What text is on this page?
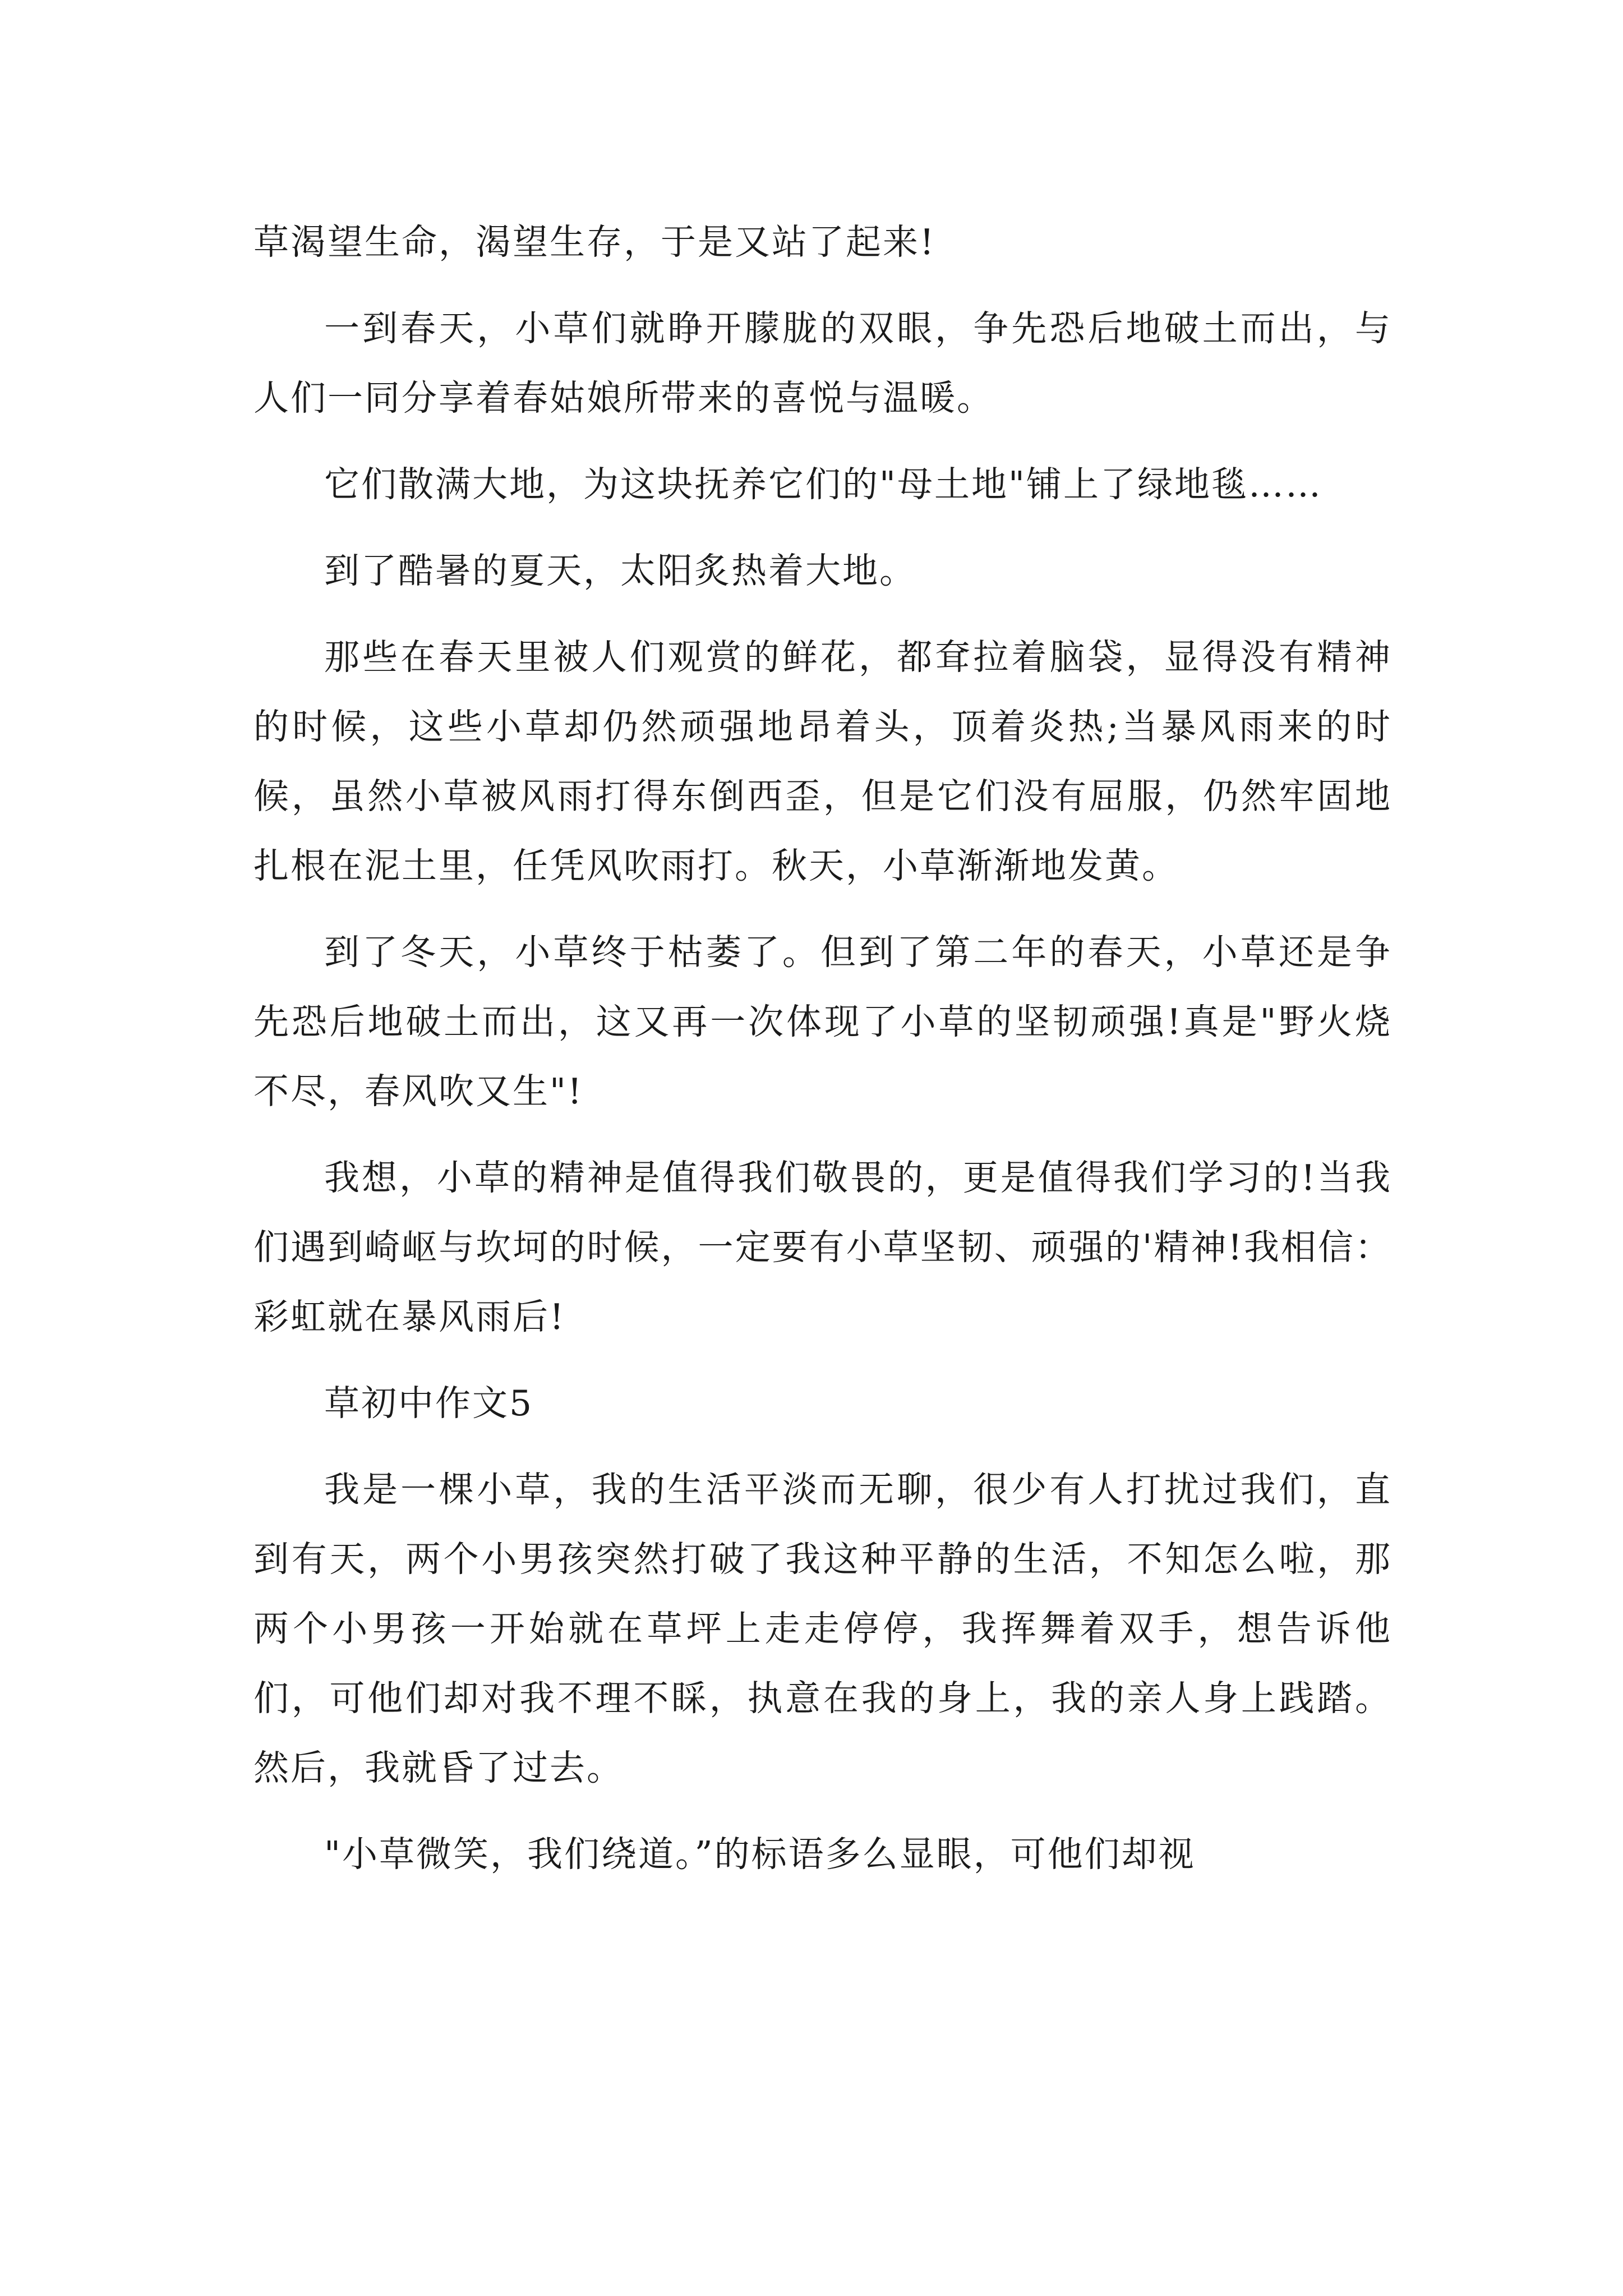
草渴望生命，渴望生存，于是又站了起来!

一到春天，小草们就睁开朦胧的双眼，争先恐后地破土而出，与人们一同分享着春姑娘所带来的喜悦与温暖。

它们散满大地，为这块抚养它们的"母土地"铺上了绿地毯……

到了酷暑的夏天，太阳炙热着大地。

那些在春天里被人们观赏的鲜花，都耷拉着脑袋，显得没有精神的时候，这些小草却仍然顽强地昂着头，顶着炎热;当暴风雨来的时候，虽然小草被风雨打得东倒西歪，但是它们没有屈服，仍然牢固地扎根在泥土里，任凭风吹雨打。秋天，小草渐渐地发黄。

到了冬天，小草终于枯萎了。但到了第二年的春天，小草还是争先恐后地破土而出，这又再一次体现了小草的坚韧顽强!真是"野火烧不尽，春风吹又生"!

我想，小草的精神是值得我们敬畏的，更是值得我们学习的!当我们遇到崎岖与坎坷的时候，一定要有小草坚韧、顽强的'精神!我相信：彩虹就在暴风雨后!

草初中作文5

我是一棵小草，我的生活平淡而无聊，很少有人打扰过我们，直到有天，两个小男孩突然打破了我这种平静的生活，不知怎么啦，那两个小男孩一开始就在草坪上走走停停，我挥舞着双手，想告诉他们，可他们却对我不理不睬，执意在我的身上，我的亲人身上践踏。然后，我就昏了过去。

"小草微笑，我们绕道。”的标语多么显眼，可他们却视
